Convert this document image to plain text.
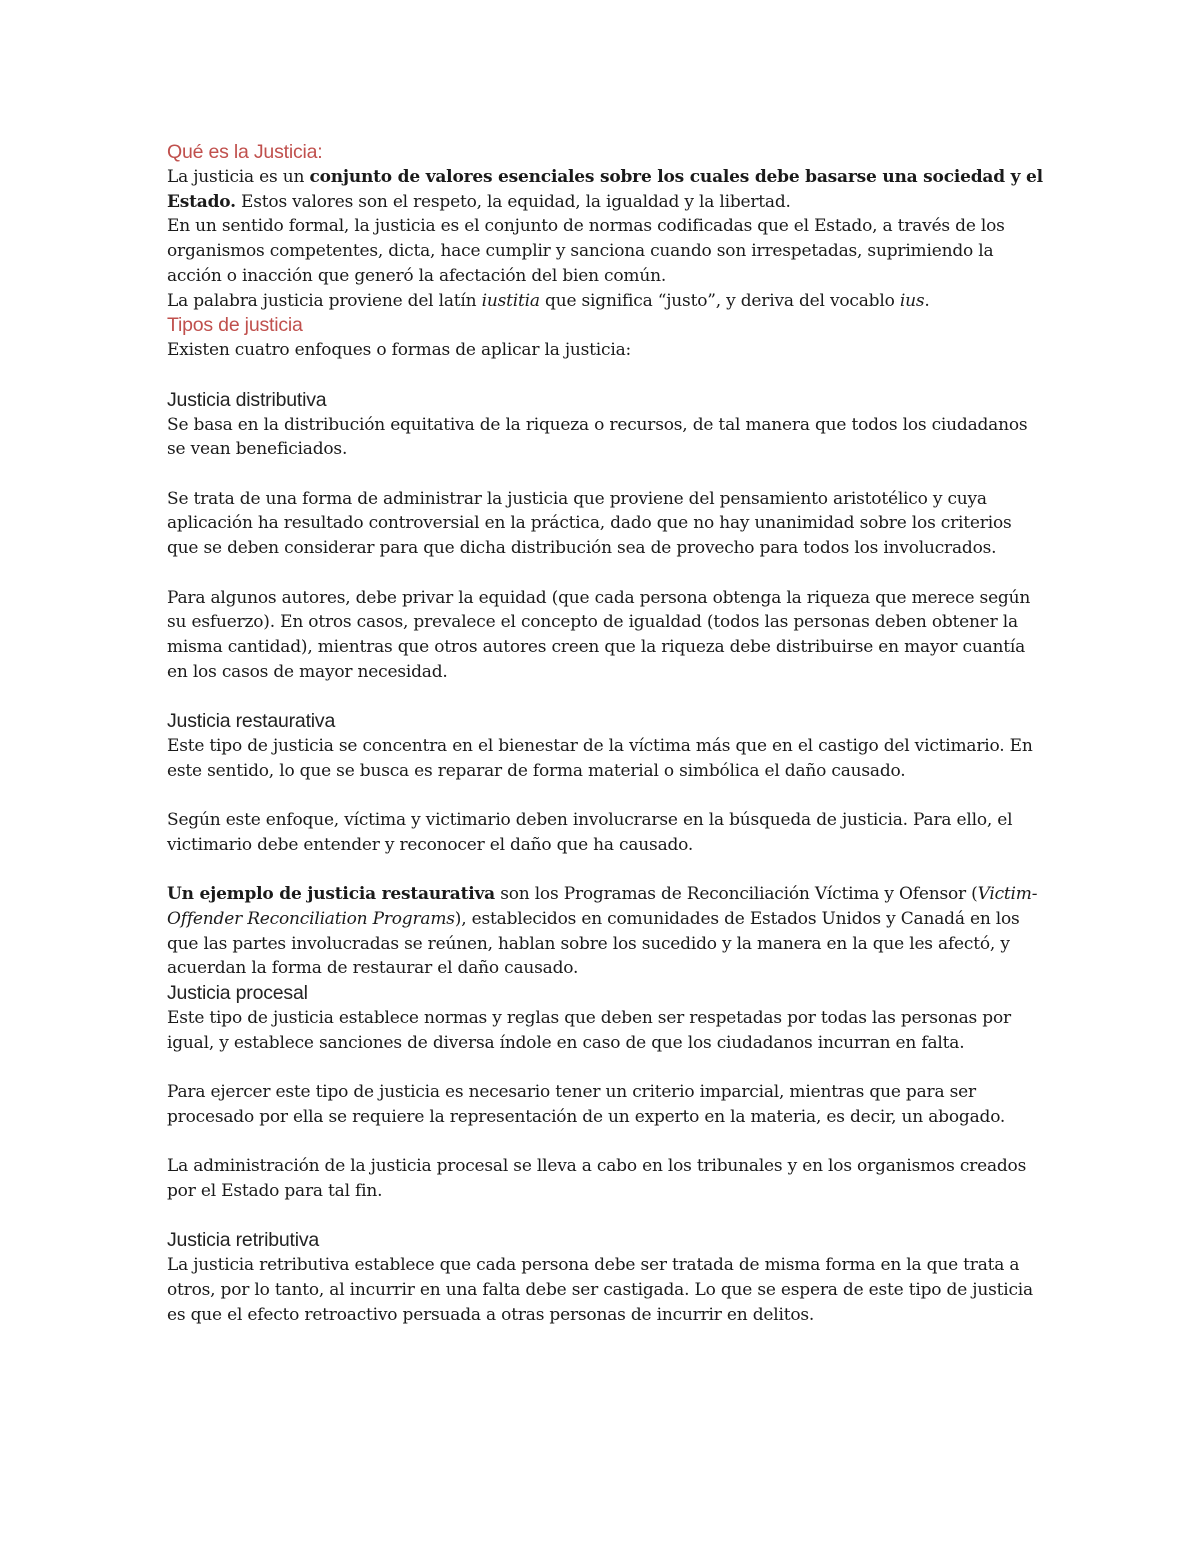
Qué es la Justicia:

La justicia es un conjunto de valores esenciales sobre los cuales debe basarse una sociedad y el Estado. Estos valores son el respeto, la equidad, la igualdad y la libertad.

En un sentido formal, la justicia es el conjunto de normas codificadas que el Estado, a través de los organismos competentes, dicta, hace cumplir y sanciona cuando son irrespetadas, suprimiendo la acción o inacción que generó la afectación del bien común.

La palabra justicia proviene del latín iustitia que significa “justo”, y deriva del vocablo ius.

Tipos de justicia

Existen cuatro enfoques o formas de aplicar la justicia:

Justicia distributiva

Se basa en la distribución equitativa de la riqueza o recursos, de tal manera que todos los ciudadanos se vean beneficiados.

Se trata de una forma de administrar la justicia que proviene del pensamiento aristotélico y cuya aplicación ha resultado controversial en la práctica, dado que no hay unanimidad sobre los criterios que se deben considerar para que dicha distribución sea de provecho para todos los involucrados.

Para algunos autores, debe privar la equidad (que cada persona obtenga la riqueza que merece según su esfuerzo). En otros casos, prevalece el concepto de igualdad (todos las personas deben obtener la misma cantidad), mientras que otros autores creen que la riqueza debe distribuirse en mayor cuantía en los casos de mayor necesidad.

Justicia restaurativa

Este tipo de justicia se concentra en el bienestar de la víctima más que en el castigo del victimario. En este sentido, lo que se busca es reparar de forma material o simbólica el daño causado.

Según este enfoque, víctima y victimario deben involucrarse en la búsqueda de justicia. Para ello, el victimario debe entender y reconocer el daño que ha causado.

Un ejemplo de justicia restaurativa son los Programas de Reconciliación Víctima y Ofensor (Victim-Offender Reconciliation Programs), establecidos en comunidades de Estados Unidos y Canadá en los que las partes involucradas se reúnen, hablan sobre los sucedido y la manera en la que les afectó, y acuerdan la forma de restaurar el daño causado.

Justicia procesal

Este tipo de justicia establece normas y reglas que deben ser respetadas por todas las personas por igual, y establece sanciones de diversa índole en caso de que los ciudadanos incurran en falta.

Para ejercer este tipo de justicia es necesario tener un criterio imparcial, mientras que para ser procesado por ella se requiere la representación de un experto en la materia, es decir, un abogado.

La administración de la justicia procesal se lleva a cabo en los tribunales y en los organismos creados por el Estado para tal fin.

Justicia retributiva

La justicia retributiva establece que cada persona debe ser tratada de misma forma en la que trata a otros, por lo tanto, al incurrir en una falta debe ser castigada. Lo que se espera de este tipo de justicia es que el efecto retroactivo persuada a otras personas de incurrir en delitos.
